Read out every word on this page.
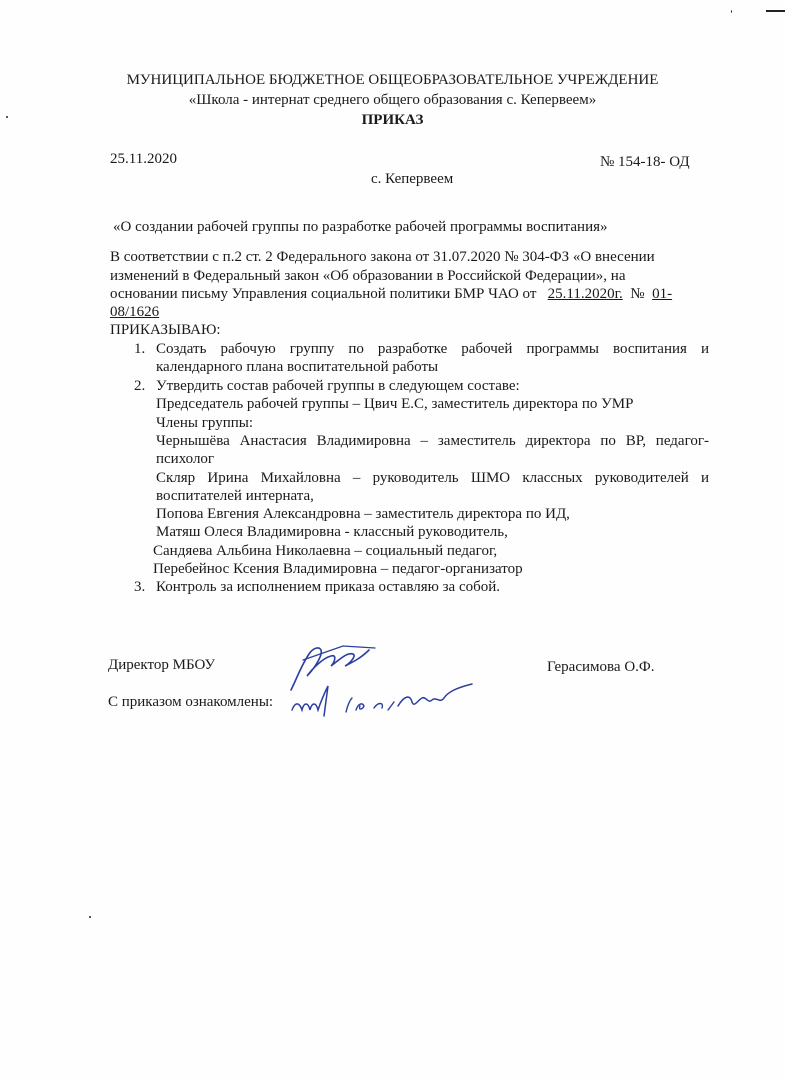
МУНИЦИПАЛЬНОЕ БЮДЖЕТНОЕ ОБЩЕОБРАЗОВАТЕЛЬНОЕ УЧРЕЖДЕНИЕ
«Школа - интернат среднего общего образования с. Кепервеем»
ПРИКАЗ
25.11.2020	№ 154-18- ОД
с. Кепервеем
«О создании рабочей группы по разработке рабочей программы воспитания»
В соответствии с п.2 ст. 2 Федерального закона от 31.07.2020 № 304-ФЗ «О внесении
изменений в Федеральный закон «Об образовании в Российской Федерации», на
основании письму Управления социальной политики БМР ЧАО от 25.11.2020г. № 01-
08/1626
ПРИКАЗЫВАЮ:
1. Создать рабочую группу по разработке рабочей программы воспитания и
календарного плана воспитательной работы
2. Утвердить состав рабочей группы в следующем составе:
Председатель рабочей группы – Цвич Е.С, заместитель директора по УМР
Члены группы:
Чернышёва Анастасия Владимировна – заместитель директора по ВР, педагог-
психолог
Скляр Ирина Михайловна – руководитель ШМО классных руководителей и
воспитателей интерната,
Попова Евгения Александровна – заместитель директора по ИД,
Матяш Олеся Владимировна - классный руководитель,
Сандяева Альбина Николаевна – социальный педагог,
Перебейнос Ксения Владимировна – педагог-организатор
3. Контроль за исполнением приказа оставляю за собой.
Директор МБОУ	Герасимова О.Ф.
С приказом ознакомлены:
